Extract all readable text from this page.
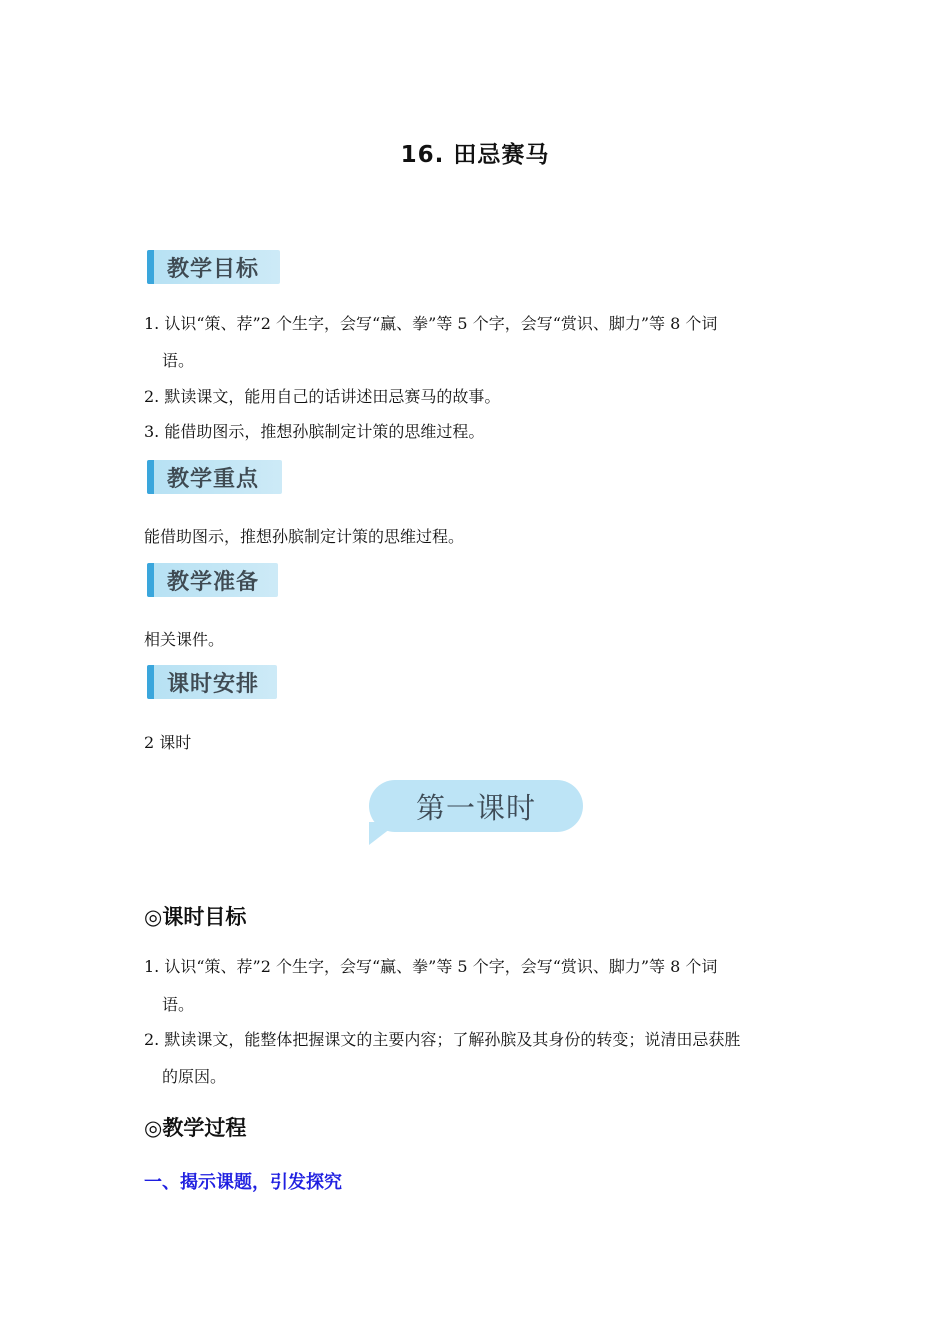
16. 田忌赛马
教学目标
1. 认识“策、荐”2 个生字，会写“赢、拳”等 5 个字，会写“赏识、脚力”等 8 个词
语。
2. 默读课文，能用自己的话讲述田忌赛马的故事。
3. 能借助图示，推想孙膑制定计策的思维过程。
教学重点
能借助图示，推想孙膑制定计策的思维过程。
教学准备
相关课件。
课时安排
2 课时
第一课时
◎课时目标
1. 认识“策、荐”2 个生字，会写“赢、拳”等 5 个字，会写“赏识、脚力”等 8 个词
语。
2. 默读课文，能整体把握课文的主要内容；了解孙膑及其身份的转变；说清田忌获胜
的原因。
◎教学过程
一、揭示课题，引发探究
